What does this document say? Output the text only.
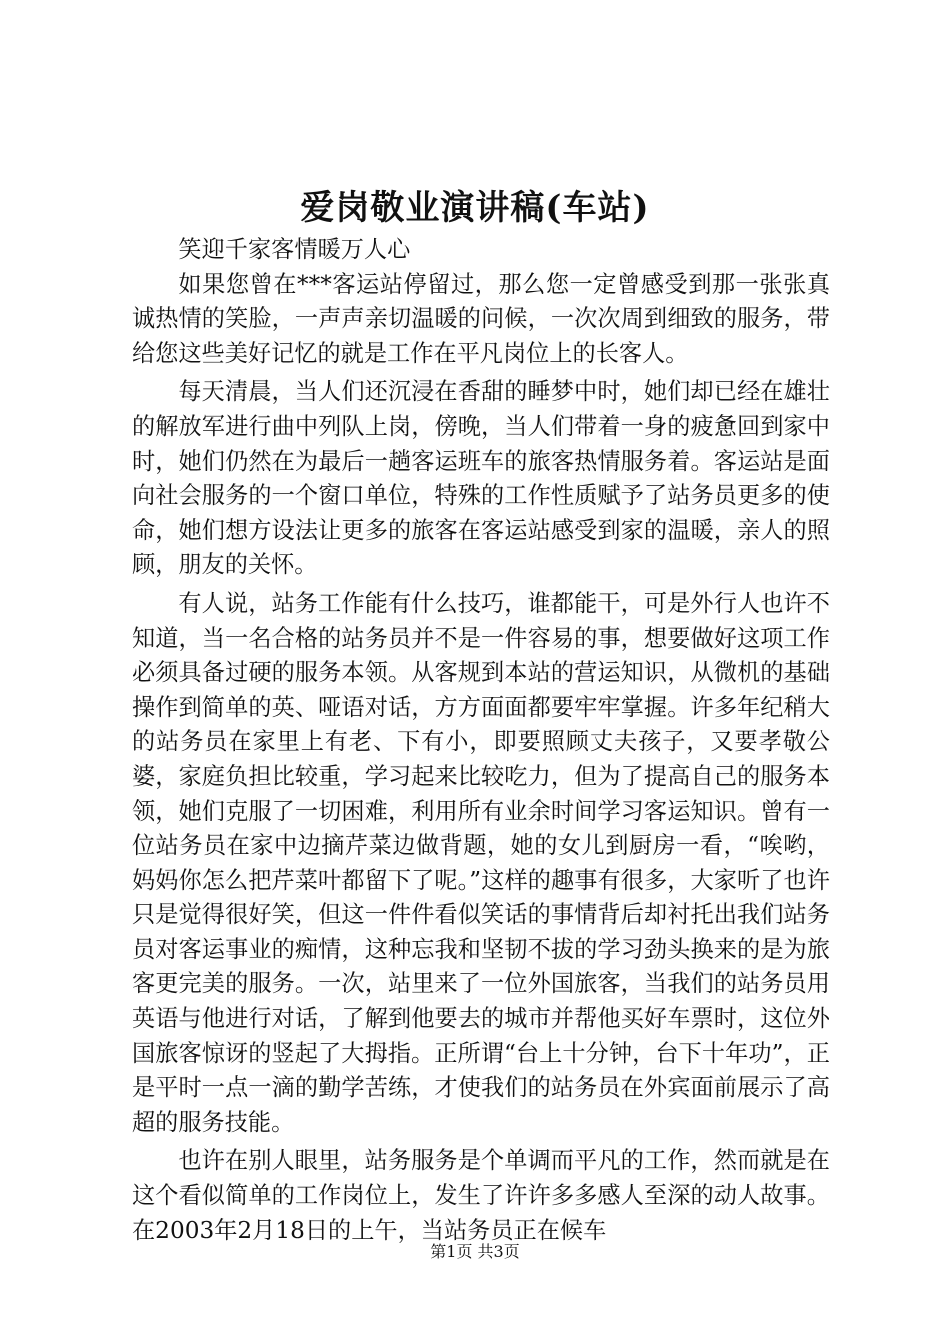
爱岗敬业演讲稿(车站)

笑迎千家客情暖万人心

如果您曾在***客运站停留过，那么您一定曾感受到那一张张真诚热情的笑脸，一声声亲切温暖的问候，一次次周到细致的服务，带给您这些美好记忆的就是工作在平凡岗位上的长客人。

每天清晨，当人们还沉浸在香甜的睡梦中时，她们却已经在雄壮的解放军进行曲中列队上岗，傍晚，当人们带着一身的疲惫回到家中时，她们仍然在为最后一趟客运班车的旅客热情服务着。客运站是面向社会服务的一个窗口单位，特殊的工作性质赋予了站务员更多的使命，她们想方设法让更多的旅客在客运站感受到家的温暖，亲人的照顾，朋友的关怀。

有人说，站务工作能有什么技巧，谁都能干，可是外行人也许不知道，当一名合格的站务员并不是一件容易的事，想要做好这项工作必须具备过硬的服务本领。从客规到本站的营运知识，从微机的基础操作到简单的英、哑语对话，方方面面都要牢牢掌握。许多年纪稍大的站务员在家里上有老、下有小，即要照顾丈夫孩子，又要孝敬公婆，家庭负担比较重，学习起来比较吃力，但为了提高自己的服务本领，她们克服了一切困难，利用所有业余时间学习客运知识。曾有一位站务员在家中边摘芹菜边做背题，她的女儿到厨房一看，“唉哟，妈妈你怎么把芹菜叶都留下了呢。”这样的趣事有很多，大家听了也许只是觉得很好笑，但这一件件看似笑话的事情背后却衬托出我们站务员对客运事业的痴情，这种忘我和坚韧不拔的学习劲头换来的是为旅客更完美的服务。一次，站里来了一位外国旅客，当我们的站务员用英语与他进行对话，了解到他要去的城市并帮他买好车票时，这位外国旅客惊讶的竖起了大拇指。正所谓“台上十分钟，台下十年功”，正是平时一点一滴的勤学苦练，才使我们的站务员在外宾面前展示了高超的服务技能。

也许在别人眼里，站务服务是个单调而平凡的工作，然而就是在这个看似简单的工作岗位上，发生了许许多多感人至深的动人故事。在2003年2月18日的上午，当站务员正在候车

第1页 共3页
